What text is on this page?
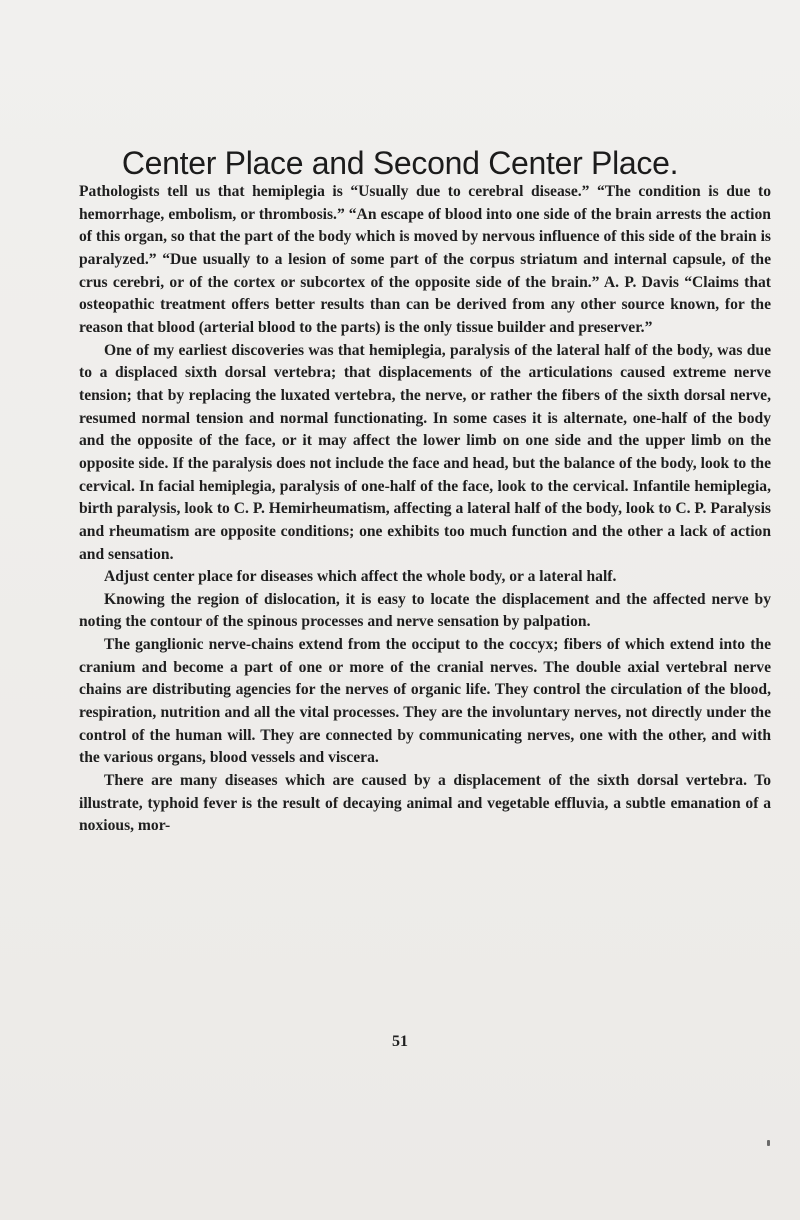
Center Place and Second Center Place.

Pathologists tell us that hemiplegia is “Usually due to cerebral disease.” “The condition is due to hemorrhage, embolism, or thrombosis.” “An escape of blood into one side of the brain arrests the action of this organ, so that the part of the body which is moved by nervous influence of this side of the brain is paralyzed.” “Due usually to a lesion of some part of the corpus striatum and internal capsule, of the crus cerebri, or of the cortex or subcortex of the opposite side of the brain.” A. P. Davis “Claims that osteopathic treatment offers better results than can be derived from any other source known, for the reason that blood (arterial blood to the parts) is the only tissue builder and preserver.”

One of my earliest discoveries was that hemiplegia, paralysis of the lateral half of the body, was due to a displaced sixth dorsal vertebra; that displacements of the articulations caused extreme nerve tension; that by replacing the luxated vertebra, the nerve, or rather the fibers of the sixth dorsal nerve, resumed normal tension and normal functionating. In some cases it is alternate, one-half of the body and the opposite of the face, or it may affect the lower limb on one side and the upper limb on the opposite side. If the paralysis does not include the face and head, but the balance of the body, look to the cervical. In facial hemiplegia, paralysis of one-half of the face, look to the cervical. Infantile hemiplegia, birth paralysis, look to C. P. Hemirheumatism, affecting a lateral half of the body, look to C. P. Paralysis and rheumatism are opposite conditions; one exhibits too much function and the other a lack of action and sensation.

Adjust center place for diseases which affect the whole body, or a lateral half.

Knowing the region of dislocation, it is easy to locate the displacement and the affected nerve by noting the contour of the spinous processes and nerve sensation by palpation.

The ganglionic nerve-chains extend from the occiput to the coccyx; fibers of which extend into the cranium and become a part of one or more of the cranial nerves. The double axial vertebral nerve chains are distributing agencies for the nerves of organic life. They control the circulation of the blood, respiration, nutrition and all the vital processes. They are the involuntary nerves, not directly under the control of the human will. They are connected by communicating nerves, one with the other, and with the various organs, blood vessels and viscera.

There are many diseases which are caused by a displacement of the sixth dorsal vertebra. To illustrate, typhoid fever is the result of decaying animal and vegetable effluvia, a subtle emanation of a noxious, mor-

51
